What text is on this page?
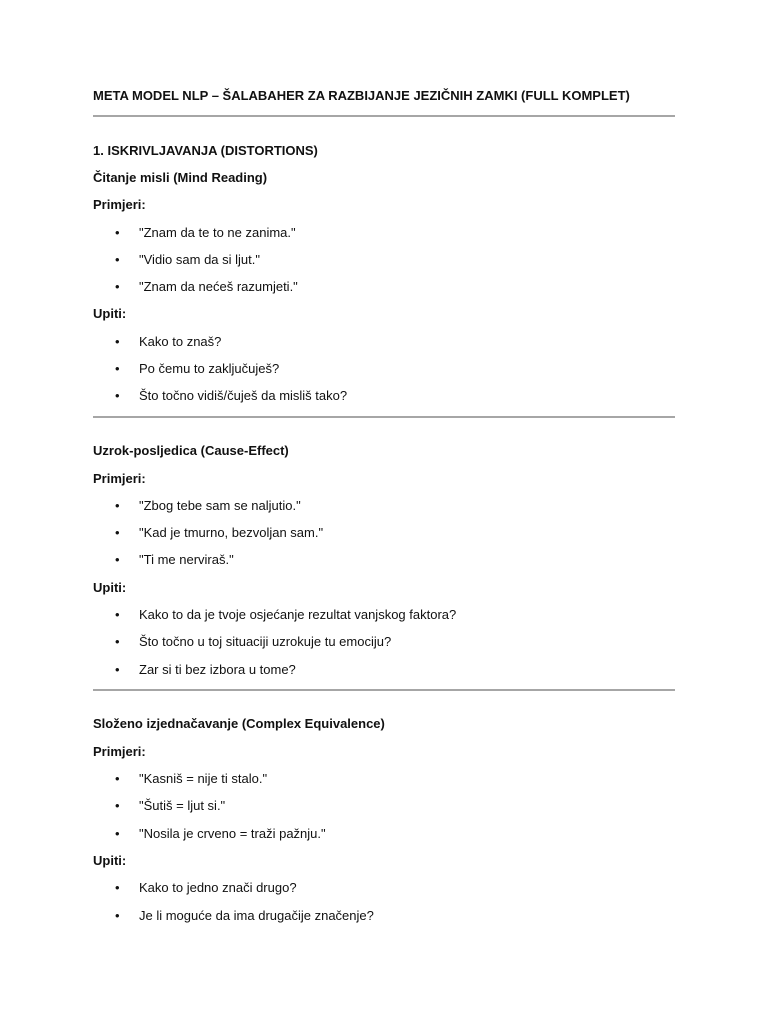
META MODEL NLP – ŠALABAHER ZA RAZBIJANJE JEZIČNIH ZAMKI (FULL KOMPLET)
1. ISKRIVLJAVANJA (DISTORTIONS)
Čitanje misli (Mind Reading)
Primjeri:
• "Znam da te to ne zanima."
• "Vidio sam da si ljut."
• "Znam da nećeš razumjeti."
Upiti:
• Kako to znaš?
• Po čemu to zaključuješ?
• Što točno vidiš/čuješ da misliš tako?
Uzrok-posljedica (Cause-Effect)
Primjeri:
• "Zbog tebe sam se naljutio."
• "Kad je tmurno, bezvoljan sam."
• "Ti me nerviraš."
Upiti:
• Kako to da je tvoje osjećanje rezultat vanjskog faktora?
• Što točno u toj situaciji uzrokuje tu emociju?
• Zar si ti bez izbora u tome?
Složeno izjednačavanje (Complex Equivalence)
Primjeri:
• "Kasniš = nije ti stalo."
• "Šutiš = ljut si."
• "Nosila je crveno = traži pažnju."
Upiti:
• Kako to jedno znači drugo?
• Je li moguće da ima drugačije značenje?
